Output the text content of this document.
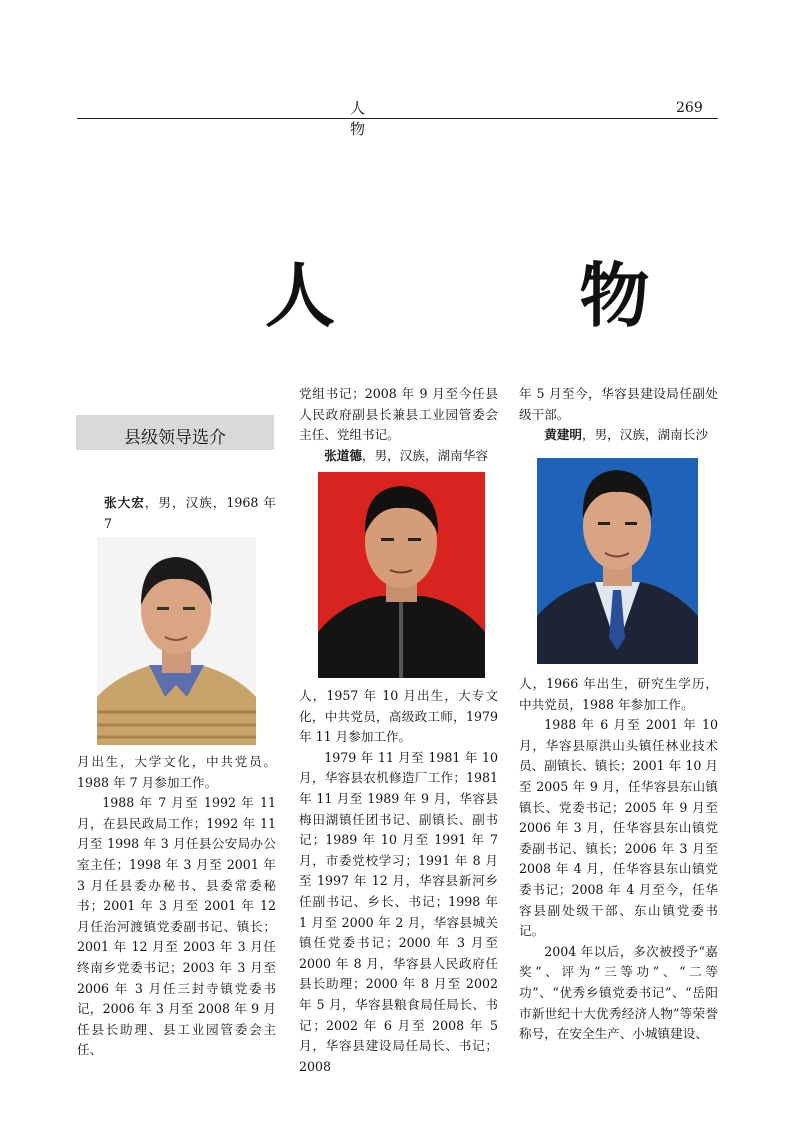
人 物
269
人 物
县级领导选介
张大宏，男，汉族，1968 年 7

月出生，大学文化，中共党员。1988 年 7 月参加工作。

1988 年 7 月至 1992 年 11 月，在县民政局工作；1992 年 11 月至 1998 年 3 月任县公安局办公室主任；1998 年 3 月至 2001 年 3 月任县委办秘书、县委常委秘书；2001 年 3 月至 2001 年 12 月任治河渡镇党委副书记、镇长；2001 年 12 月至 2003 年 3 月任终南乡党委书记；2003 年 3 月至 2006 年 3 月任三封寺镇党委书记，2006 年 3 月至 2008 年 9 月任县长助理、县工业园管委会主任、

党组书记；2008 年 9 月至今任县人民政府副县长兼县工业园管委会主任、党组书记。

张道德，男，汉族，湖南华容

人，1957 年 10 月出生，大专文化，中共党员，高级政工师，1979 年 11 月参加工作。

1979 年 11 月至 1981 年 10 月，华容县农机修造厂工作；1981 年 11 月至 1989 年 9 月，华容县梅田湖镇任团书记、副镇长、副书记；1989 年 10 月至 1991 年 7 月，市委党校学习；1991 年 8 月至 1997 年 12 月，华容县新河乡任副书记、乡长、书记；1998 年 1 月至 2000 年 2 月，华容县城关镇任党委书记；2000 年 3 月至 2000 年 8 月，华容县人民政府任县长助理；2000 年 8 月至 2002 年 5 月，华容县粮食局任局长、书记；2002 年 6 月至 2008 年 5 月，华容县建设局任局长、书记；2008

年 5 月至今，华容县建设局任副处级干部。

黄建明，男，汉族，湖南长沙

人，1966 年出生，研究生学历，中共党员，1988 年参加工作。

1988 年 6 月至 2001 年 10 月，华容县原洪山头镇任林业技术员、副镇长、镇长；2001 年 10 月至 2005 年 9 月，任华容县东山镇镇长、党委书记；2005 年 9 月至 2006 年 3 月，任华容县东山镇党委副书记、镇长；2006 年 3 月至 2008 年 4 月，任华容县东山镇党委书记；2008 年 4 月至今，任华容县副处级干部、东山镇党委书记。

2004 年以后，多次被授予“嘉奖”、评为“三等功”、“二等功”、“优秀乡镇党委书记”、“岳阳市新世纪十大优秀经济人物”等荣誉称号，在安全生产、小城镇建设、
